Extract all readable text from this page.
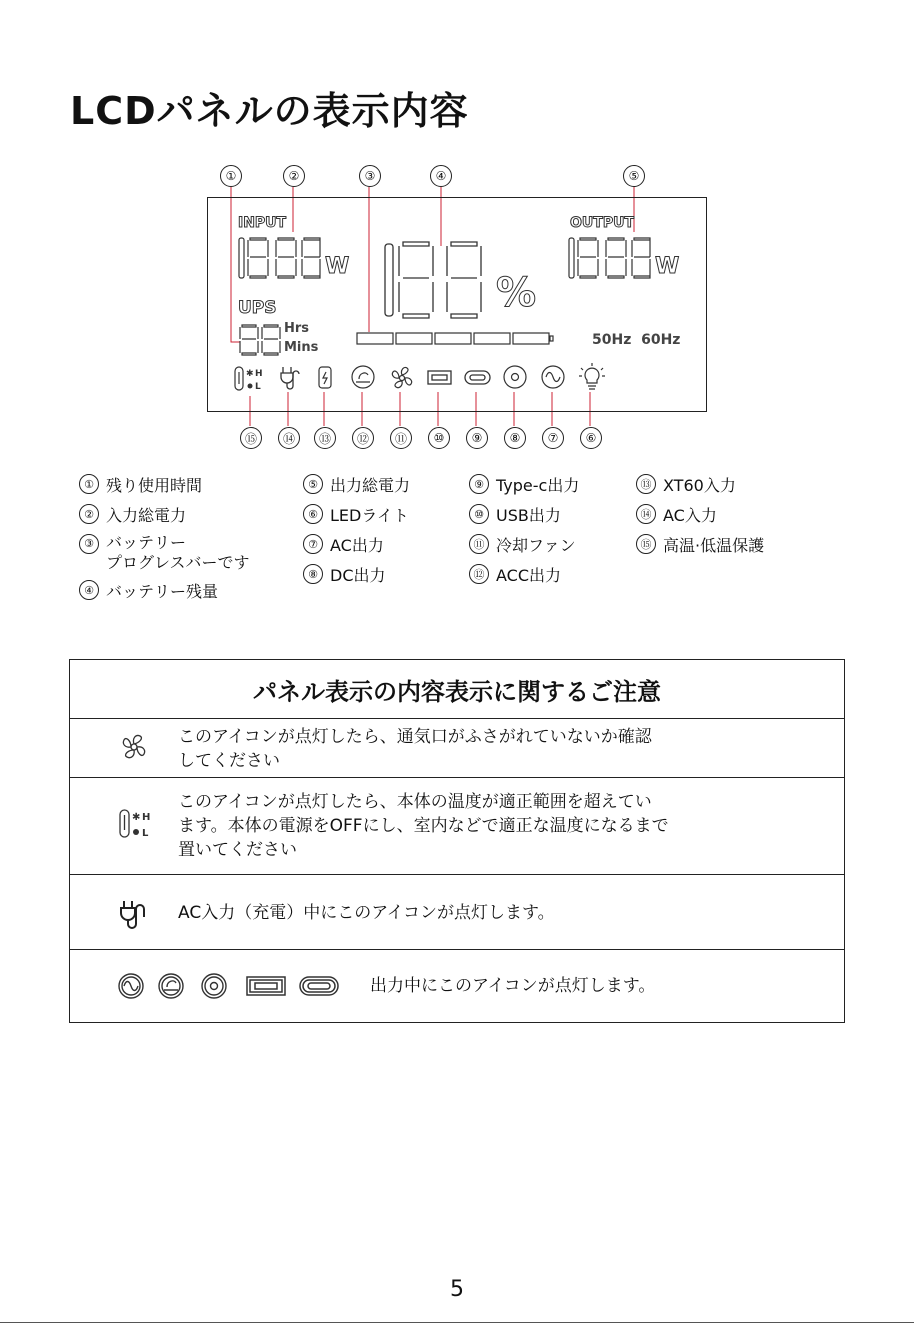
LCDパネルの表示内容
①	②	③	④	⑤
INPUT	OUTPUT
UPS
W	W
%
Hrs
Mins	50Hz  60Hz
✱ H
L
⑮	⑭	⑬	⑫	⑪	⑩	⑨	⑧	⑦	⑥
① 残り使用時間
② 入力総電力
③ バッテリー
プログレスバーです
④ バッテリー残量
⑤ 出力総電力
⑥ LEDライト
⑦ AC出力
⑧ DC出力
⑨ Type-c出力
⑩ USB出力
⑪ 冷却ファン
⑫ ACC出力
⑬ XT60入力
⑭ AC入力
⑮ 高温·低温保護
パネル表示の内容表示に関するご注意
このアイコンが点灯したら、通気口がふさがれていないか確認
してください
✱ H
L
このアイコンが点灯したら、本体の温度が適正範囲を超えてい
ます。本体の電源をOFFにし、室内などで適正な温度になるまで
置いてください
AC入力（充電）中にこのアイコンが点灯します。
出力中にこのアイコンが点灯します。
5
